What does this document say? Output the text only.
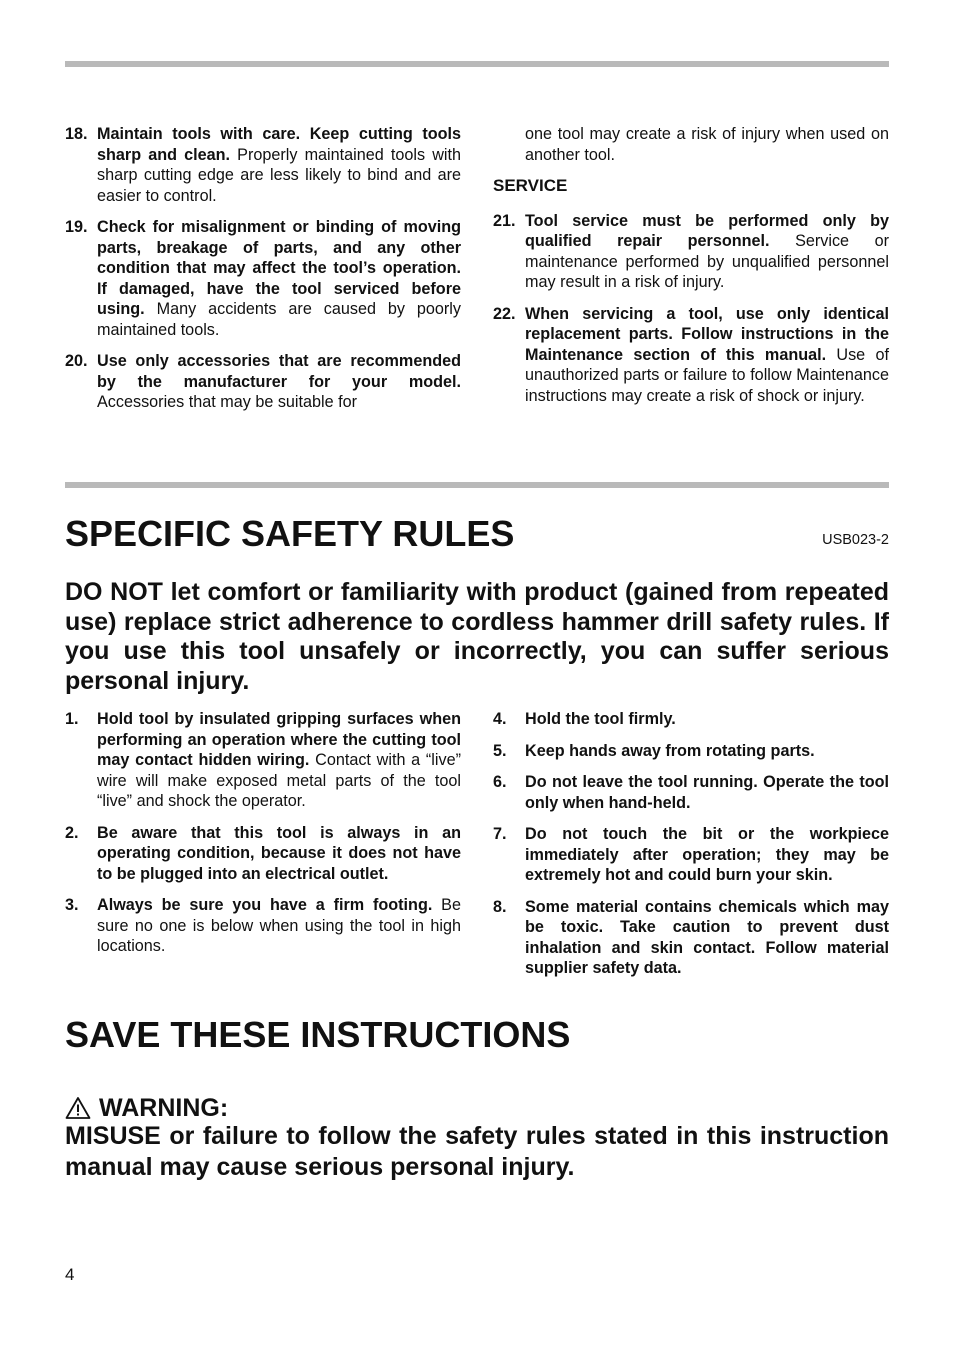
18. Maintain tools with care. Keep cutting tools sharp and clean. Properly maintained tools with sharp cutting edge are less likely to bind and are easier to control.
19. Check for misalignment or binding of moving parts, breakage of parts, and any other condition that may affect the tool’s operation. If damaged, have the tool serviced before using. Many accidents are caused by poorly maintained tools.
20. Use only accessories that are recommended by the manufacturer for your model. Accessories that may be suitable for
one tool may create a risk of injury when used on another tool.
SERVICE
21. Tool service must be performed only by qualified repair personnel. Service or maintenance performed by unqualified personnel may result in a risk of injury.
22. When servicing a tool, use only identical replacement parts. Follow instructions in the Maintenance section of this manual. Use of unauthorized parts or failure to follow Maintenance instructions may create a risk of shock or injury.
SPECIFIC SAFETY RULES	USB023-2

DO NOT let comfort or familiarity with product (gained from repeated use) replace strict adherence to cordless hammer drill safety rules. If you use this tool unsafely or incorrectly, you can suffer serious personal injury.

1.	Hold tool by insulated gripping surfaces when performing an operation where the cutting tool may contact hidden wiring. Contact with a “live” wire will make exposed metal parts of the tool “live” and shock the operator.
2.	Be aware that this tool is always in an operating condition, because it does not have to be plugged into an electrical outlet.
3.	Always be sure you have a firm footing. Be sure no one is below when using the tool in high locations.
4.	Hold the tool firmly.
5.	Keep hands away from rotating parts.
6.	Do not leave the tool running. Operate the tool only when hand-held.
7.	Do not touch the bit or the workpiece immediately after operation; they may be extremely hot and could burn your skin.
8.	Some material contains chemicals which may be toxic. Take caution to prevent dust inhalation and skin contact. Follow material supplier safety data.
SAVE THESE INSTRUCTIONS
WARNING:

MISUSE or failure to follow the safety rules stated in this instruction manual may cause serious personal injury.

4
